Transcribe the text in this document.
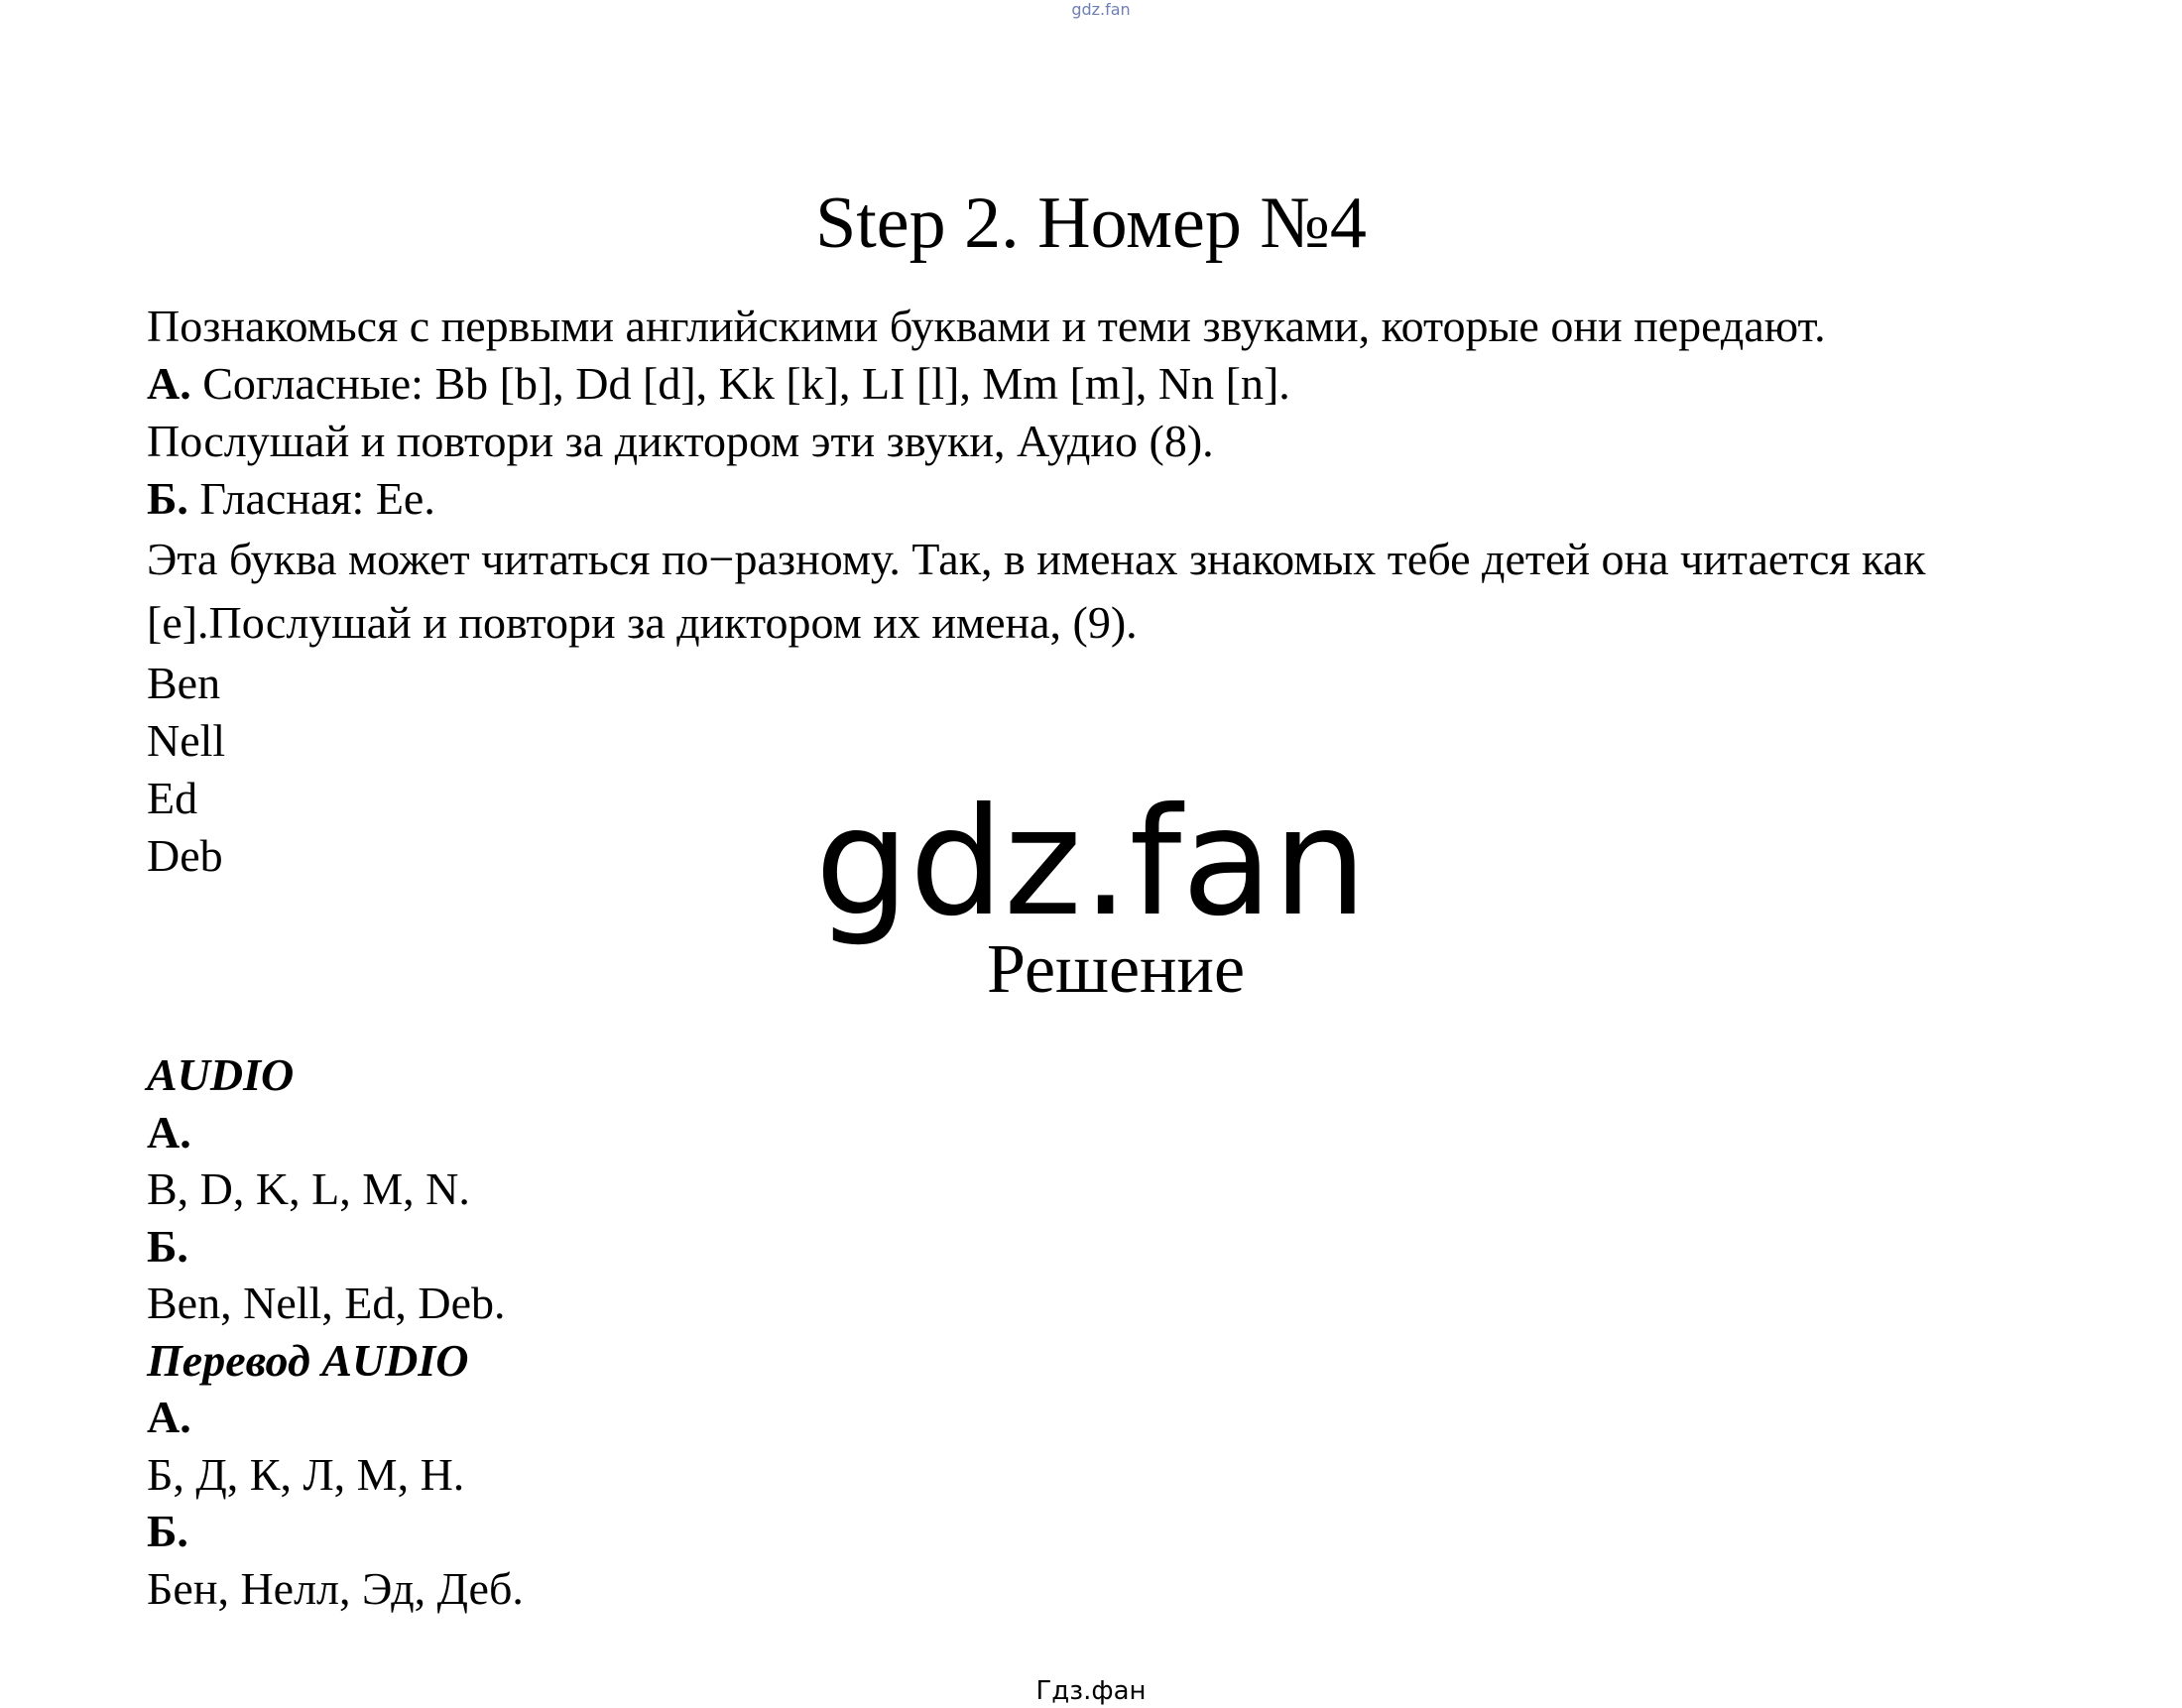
gdz.fan
Step 2. Номер №4

Познакомься с первыми английскими буквами и теми звуками, которые они передают.

А. Согласные: Bb [b], Dd [d], Kk [k], LI [l], Mm [m], Nn [n].

Послушай и повтори за диктором эти звуки, Аудио (8).

Б. Гласная: Ee.

Эта буква может читаться по−разному. Так, в именах знакомых тебе детей она читается как [e].Послушай и повтори за диктором их имена, (9).

Ben

Nell

Ed

Deb	gdz.fan
Решение

AUDIO

А.

B, D, K, L, M, N.

Б.

Ben, Nell, Ed, Deb.

Перевод AUDIO

А.

Б, Д, К, Л, М, Н.

Б.

Бен, Нелл, Эд, Деб.

Гдз.фан
